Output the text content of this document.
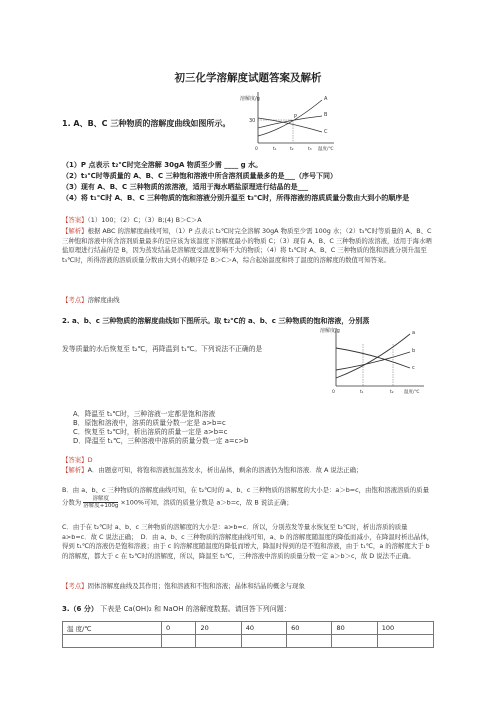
初三化学溶解度试题答案及解析
1. A、B、C 三种物质的溶解度曲线如图所示。
溶解度/g
30
A
B
P
C
0	t₁	t₂	t₃ 温度/℃
（1）P 点表示 t₂℃时完全溶解 30gA 物质至少需 ____ g 水。
（2）t₃℃时等质量的 A、B、C 三种饱和溶液中所含溶剂质量最多的是___（序号下同）
（3）现有 A、B、C 三种物质的浓溶液，适用于海水晒盐原理进行结晶的是___
（4）将 t₁℃时 A、B、C 三种物质的饱和溶液分别升温至 t₃℃时，所得溶液的溶质质量分数由大到小的顺序是
【答案】（1）100；（2）C；（3）B;(4) B＞C＞A
【解析】根据 ABC 的溶解度曲线可知，（1）P 点表示 t₂℃时完全溶解 30gA 物质至少需 100g 水；（2）t₃℃时等质量的 A、B、C 三种饱和溶液中所含溶剂质量最多的是应该为该温度下溶解度最小的物质 C；（3）现有 A、B、C 三种物质的浓溶液，适用于海水晒盐原理进行结晶的是 B，因为蒸发结晶是溶解度受温度影响不大的物质；（4）将 t₁℃时 A、B、C 三种物质的饱和溶液分别升温至 t₃℃时，所得溶液的溶质质量分数由大到小的顺序是 B＞C＞A，综合起始温度和终了温度的溶解度的数值可知答案。
【考点】溶解度曲线
2. a、b、c 三种物质的溶解度曲线如下图所示。取 t₂℃的 a、b、c 三种物质的饱和溶液，分别蒸
溶解度/g	a
b
c
0	t₁	t₂ 温度/℃
发等质量的水后恢复至 t₂℃，再降温到 t₁℃。下列说法不正确的是
A．降温至 t₁℃时，三种溶液一定都是饱和溶液
B．原饱和溶液中，溶质的质量分数一定是 a>b=c
C．恢复至 t₂℃时，析出溶质的质量一定是 a>b=c
D．降温至 t₁℃，三种溶液中溶质的质量分数一定 a=c>b
【答案】D
【解析】A．由题意可知，将饱和溶液恒温蒸发水，析出晶体，剩余的溶液仍为饱和溶液．故 A 说法正确；
B．由 a、b、c 三种物质的溶解度曲线可知，在 t₂℃时的 a、b、c 三种物质的溶解度的大小是：a＞b=c，由饱和溶液溶质的质量分数为 $\frac{\text{溶解度}}{\text{溶解度+100g}} \times 100\%$可知，溶质的质量分数是 a＞b=c，故 B 说法正确；
C．由于在 t₂℃时 a、b、c 三种物质的溶解度的大小是：a>b=c．所以，分别蒸发等量水恢复至 t₂℃时，析出溶质的质量 a>b=c．故 C 说法正确；　D．由 a、b、c 三种物质的溶解度曲线可知，a、b 的溶解度随温度的降低而减小，在降温时析出晶体，得到 t₁℃的溶液仍是饱和溶液；由于 c 的溶解度随温度的降低而增大，降温时得到的是不饱和溶液，由于 t₁℃，a 的溶解度大于 b 的溶解度，都大于 c 在 t₂℃时的溶解度，所以，降温至 t₁℃，三种溶液中溶质的质量分数一定 a＞b＞c，故 D 说法不正确。
【考点】固体溶解度曲线及其作用；饱和溶液和不饱和溶液；晶体和结晶的概念与现象
3.（6 分） 下表是 Ca(OH)₂ 和 NaOH 的溶解度数据。请回答下列问题：
温 度/℃	0	20	40	60	80	100
